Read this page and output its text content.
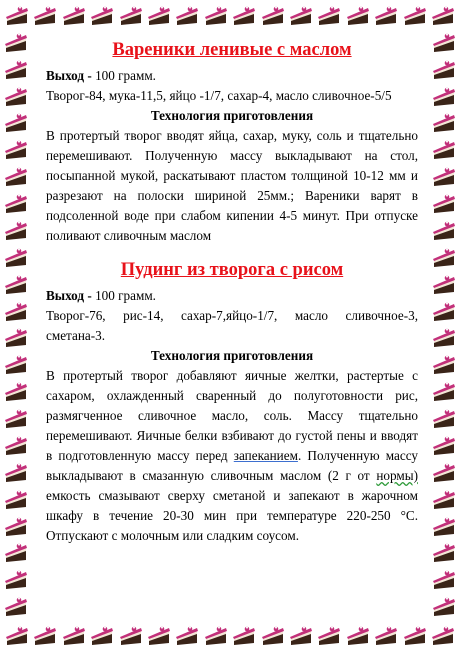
Вареники ленивые с маслом

Выход - 100 грамм.

Творог-84, мука-11,5, яйцо -1/7, сахар-4, масло сливочное-5/5

Технология приготовления

В протертый творог вводят яйца, сахар, муку, соль и тщательно перемешивают. Полученную массу выкладывают на стол, посыпанной мукой, раскатывают пластом толщиной 10-12 мм и разрезают на полоски шириной 25мм.; Вареники варят в подсоленной воде при слабом кипении 4-5 минут. При отпуске поливают сливочным маслом

Пудинг из творога с рисом

Выход - 100 грамм.

Творог-76, рис-14, сахар-7,яйцо-1/7, масло сливочное-3, сметана-3.

Технология приготовления

В протертый творог добавляют яичные желтки, растертые с сахаром, охлажденный сваренный до полуготовности рис, размягченное сливочное масло, соль. Массу тщательно перемешивают. Яичные белки взбивают до густой пены и вводят в подготовленную массу перед запеканием. Полученную массу выкладывают в смазанную сливочным маслом (2 г от нормы) емкость смазывают сверху сметаной и запекают в жарочном шкафу в течение 20-30 мин при температуре 220-250 °С. Отпускают с молочным или сладким соусом.
